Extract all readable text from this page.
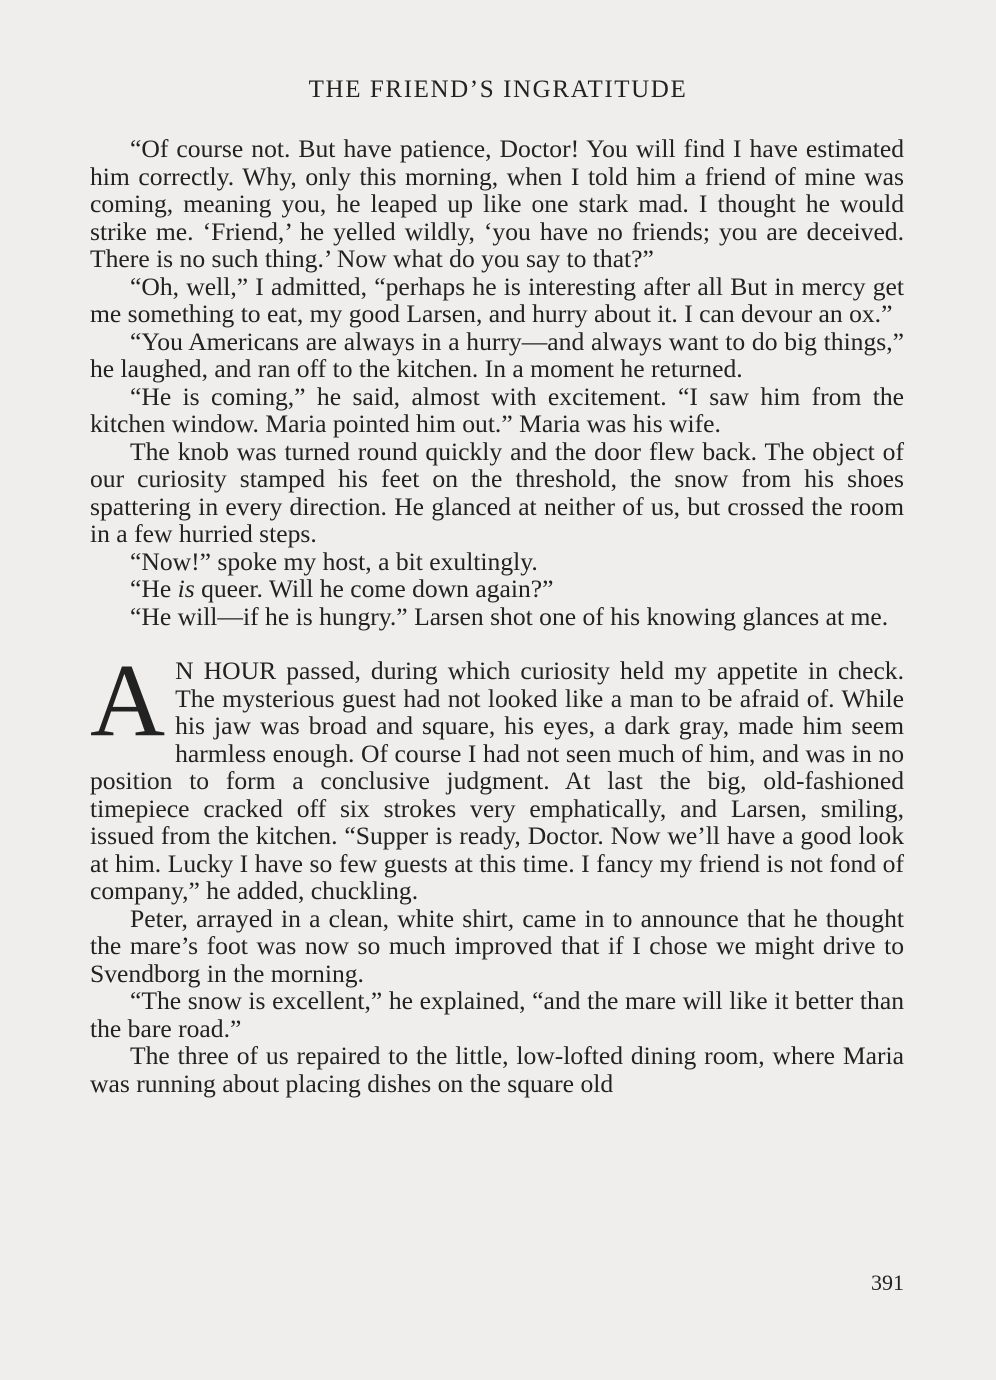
THE FRIEND’S INGRATITUDE

“Of course not. But have patience, Doctor! You will find I have estimated him correctly. Why, only this morning, when I told him a friend of mine was coming, meaning you, he leaped up like one stark mad. I thought he would strike me. ‘Friend,’ he yelled wildly, ‘you have no friends; you are deceived. There is no such thing.’ Now what do you say to that?”

“Oh, well,” I admitted, “perhaps he is interesting after all But in mercy get me something to eat, my good Larsen, and hurry about it. I can devour an ox.”

“You Americans are always in a hurry—and always want to do big things,” he laughed, and ran off to the kitchen. In a moment he returned.

“He is coming,” he said, almost with excitement. “I saw him from the kitchen window. Maria pointed him out.” Maria was his wife.

The knob was turned round quickly and the door flew back. The object of our curiosity stamped his feet on the threshold, the snow from his shoes spattering in every direction. He glanced at neither of us, but crossed the room in a few hurried steps.

“Now!” spoke my host, a bit exultingly.

“He is queer. Will he come down again?”

“He will—if he is hungry.” Larsen shot one of his knowing glances at me.

A N HOUR passed, during which curiosity held my appetite in check. The mysterious guest had not looked like a man to be afraid of. While his jaw was broad and square, his eyes, a dark gray, made him seem harmless enough. Of course I had not seen much of him, and was in no position to form a conclusive judgment. At last the big, old-fashioned timepiece cracked off six strokes very emphatically, and Larsen, smiling, issued from the kitchen. “Supper is ready, Doctor. Now we’ll have a good look at him. Lucky I have so few guests at this time. I fancy my friend is not fond of company,” he added, chuckling.

Peter, arrayed in a clean, white shirt, came in to announce that he thought the mare’s foot was now so much improved that if I chose we might drive to Svendborg in the morning.

“The snow is excellent,” he explained, “and the mare will like it better than the bare road.”

The three of us repaired to the little, low-lofted dining room, where Maria was running about placing dishes on the square old

391
